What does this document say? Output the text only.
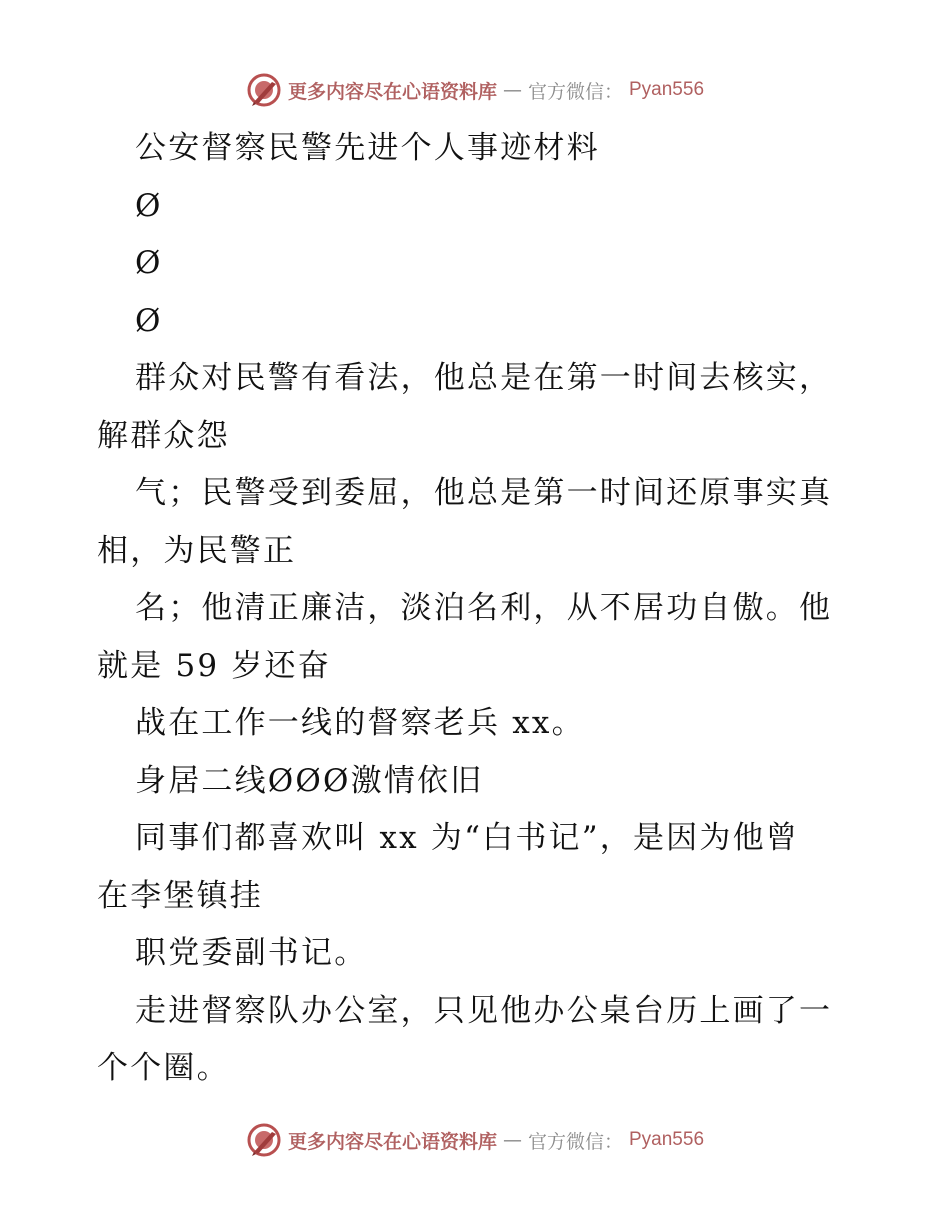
更多内容尽在心语资料库 — 官方微信： Pyan556
公安督察民警先进个人事迹材料
Ø
Ø
Ø
群众对民警有看法，他总是在第一时间去核实，
解群众怨
气；民警受到委屈，他总是第一时间还原事实真
相，为民警正
名；他清正廉洁，淡泊名利，从不居功自傲。他
就是 59 岁还奋
战在工作一线的督察老兵 xx。
身居二线ØØØ激情依旧
同事们都喜欢叫 xx 为“白书记”，是因为他曾
在李堡镇挂
职党委副书记。
走进督察队办公室，只见他办公桌台历上画了一
个个圈。
更多内容尽在心语资料库 — 官方微信： Pyan556
